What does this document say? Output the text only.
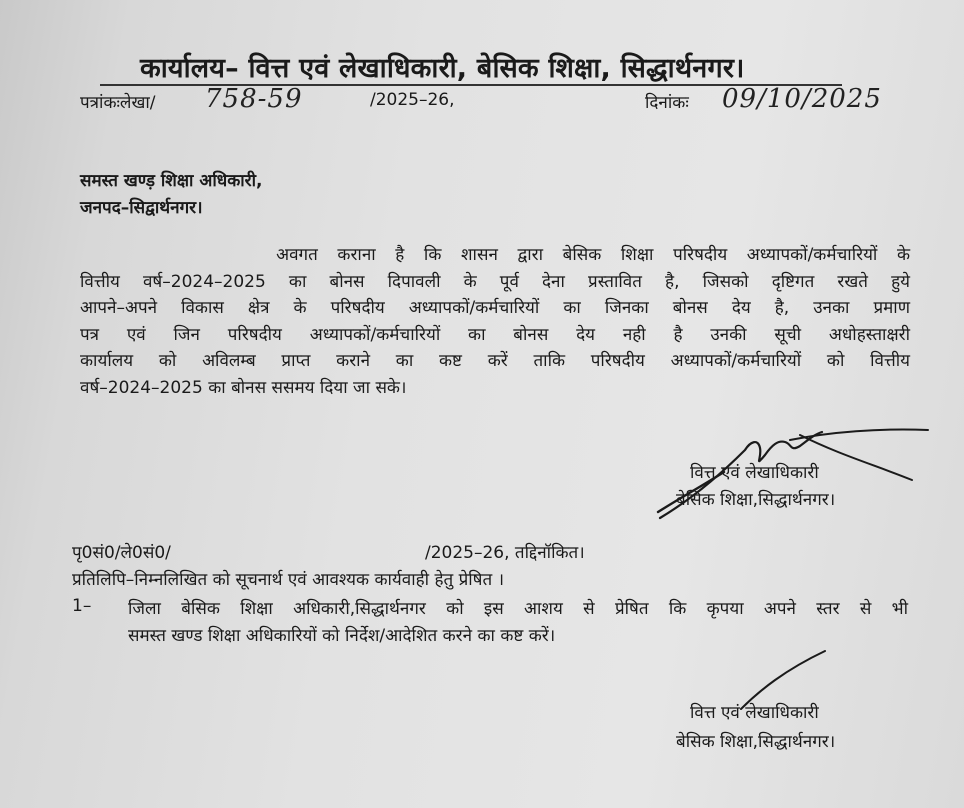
कार्यालय– वित्त एवं लेखाधिकारी, बेसिक शिक्षा, सिद्धार्थनगर।
पत्रांकःलेखा/ 758-59	/2025–26,	दिनांकः 09/10/2025
समस्त खण्ड़ शिक्षा अधिकारी,
जनपद–सिद्वार्थनगर।
अवगत कराना है कि शासन द्वारा बेसिक शिक्षा परिषदीय अध्यापकों/कर्मचारियों के
वित्तीय वर्ष–2024–2025 का बोनस दिपावली के पूर्व देना प्रस्तावित है, जिसको दृष्टिगत रखते हुये
आपने–अपने विकास क्षेत्र के परिषदीय अध्यापकों/कर्मचारियों का जिनका बोनस देय है, उनका प्रमाण
पत्र एवं जिन परिषदीय अध्यापकों/कर्मचारियों का बोनस देय नही है उनकी सूची अधोहस्ताक्षरी
कार्यालय को अविलम्ब प्राप्त कराने का कष्ट करें ताकि परिषदीय अध्यापकों/कर्मचारियों को वित्तीय
वर्ष–2024–2025 का बोनस ससमय दिया जा सके।
वित्त एवं लेखाधिकारी
बेसिक शिक्षा,सिद्धार्थनगर।
पृ0सं0/ले0सं0/	/2025–26, तद्दिनॉकित।
प्रतिलिपि–निम्नलिखित को सूचनार्थ एवं आवश्यक कार्यवाही हेतु प्रेषित ।
1– जिला बेसिक शिक्षा अधिकारी,सिद्धार्थनगर को इस आशय से प्रेषित कि कृपया अपने स्तर से भी
समस्त खण्ड शिक्षा अधिकारियों को निर्देश/आदेशित करने का कष्ट करें।
वित्त एवं लेखाधिकारी
बेसिक शिक्षा,सिद्धार्थनगर।
